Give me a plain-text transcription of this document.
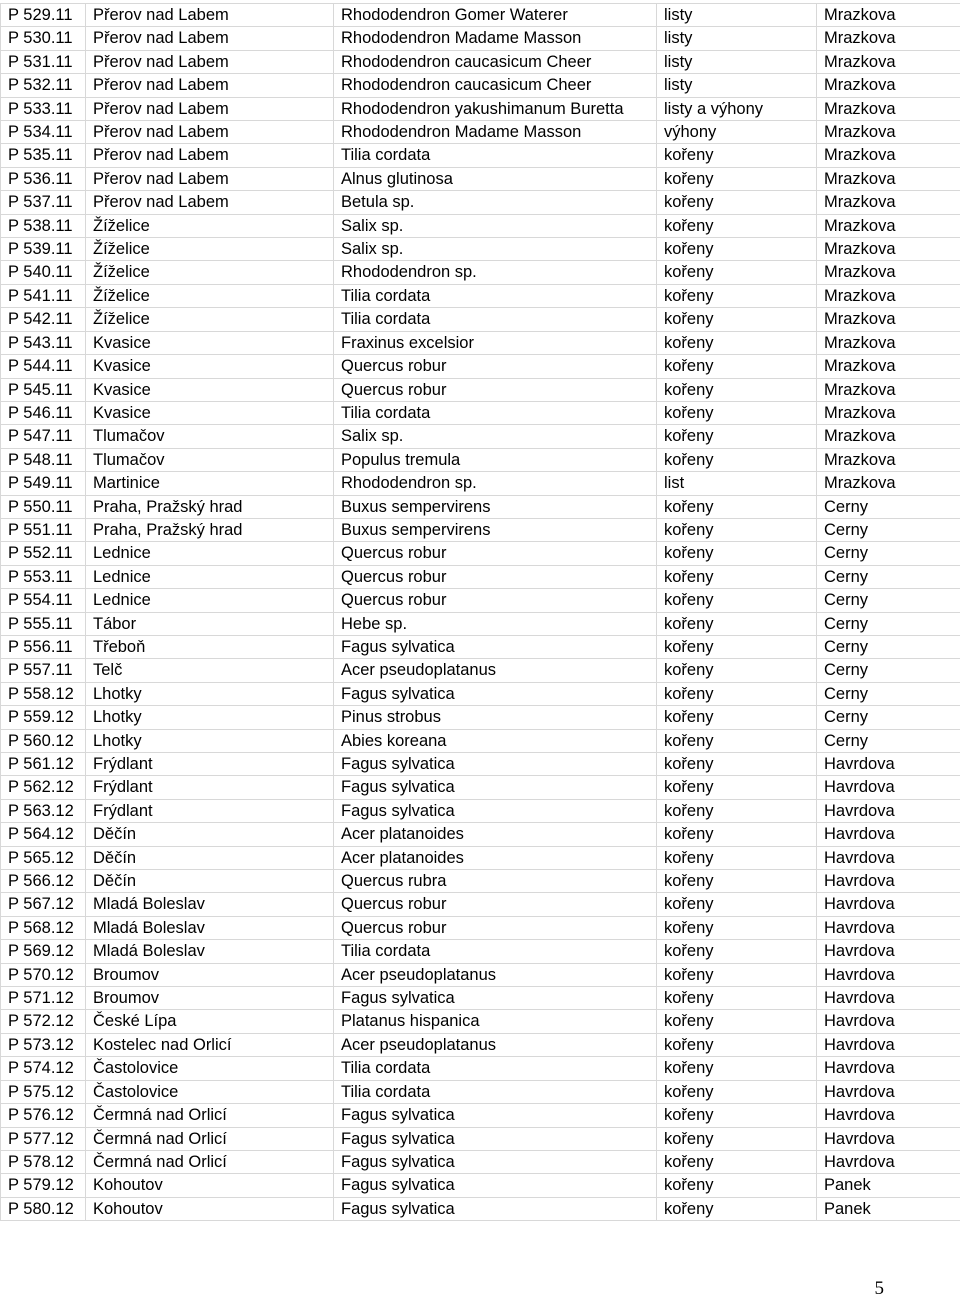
P 529.11	Přerov nad Labem	Rhododendron Gomer Waterer	listy	Mrazkova
P 530.11	Přerov nad Labem	Rhododendron Madame Masson	listy	Mrazkova
P 531.11	Přerov nad Labem	Rhododendron caucasicum Cheer	listy	Mrazkova
P 532.11	Přerov nad Labem	Rhododendron caucasicum Cheer	listy	Mrazkova
P 533.11	Přerov nad Labem	Rhododendron yakushimanum Buretta	listy a výhony	Mrazkova
P 534.11	Přerov nad Labem	Rhododendron Madame Masson	výhony	Mrazkova
P 535.11	Přerov nad Labem	Tilia cordata	kořeny	Mrazkova
P 536.11	Přerov nad Labem	Alnus glutinosa	kořeny	Mrazkova
P 537.11	Přerov nad Labem	Betula sp.	kořeny	Mrazkova
P 538.11	Žíželice	Salix sp.	kořeny	Mrazkova
P 539.11	Žíželice	Salix sp.	kořeny	Mrazkova
P 540.11	Žíželice	Rhododendron sp.	kořeny	Mrazkova
P 541.11	Žíželice	Tilia cordata	kořeny	Mrazkova
P 542.11	Žíželice	Tilia cordata	kořeny	Mrazkova
P 543.11	Kvasice	Fraxinus excelsior	kořeny	Mrazkova
P 544.11	Kvasice	Quercus robur	kořeny	Mrazkova
P 545.11	Kvasice	Quercus robur	kořeny	Mrazkova
P 546.11	Kvasice	Tilia cordata	kořeny	Mrazkova
P 547.11	Tlumačov	Salix sp.	kořeny	Mrazkova
P 548.11	Tlumačov	Populus tremula	kořeny	Mrazkova
P 549.11	Martinice	Rhododendron sp.	list	Mrazkova
P 550.11	Praha, Pražský hrad	Buxus sempervirens	kořeny	Cerny
P 551.11	Praha, Pražský hrad	Buxus sempervirens	kořeny	Cerny
P 552.11	Lednice	Quercus robur	kořeny	Cerny
P 553.11	Lednice	Quercus robur	kořeny	Cerny
P 554.11	Lednice	Quercus robur	kořeny	Cerny
P 555.11	Tábor	Hebe sp.	kořeny	Cerny
P 556.11	Třeboň	Fagus sylvatica	kořeny	Cerny
P 557.11	Telč	Acer pseudoplatanus	kořeny	Cerny
P 558.12	Lhotky	Fagus sylvatica	kořeny	Cerny
P 559.12	Lhotky	Pinus strobus	kořeny	Cerny
P 560.12	Lhotky	Abies koreana	kořeny	Cerny
P 561.12	Frýdlant	Fagus sylvatica	kořeny	Havrdova
P 562.12	Frýdlant	Fagus sylvatica	kořeny	Havrdova
P 563.12	Frýdlant	Fagus sylvatica	kořeny	Havrdova
P 564.12	Děčín	Acer platanoides	kořeny	Havrdova
P 565.12	Děčín	Acer platanoides	kořeny	Havrdova
P 566.12	Děčín	Quercus rubra	kořeny	Havrdova
P 567.12	Mladá Boleslav	Quercus robur	kořeny	Havrdova
P 568.12	Mladá Boleslav	Quercus robur	kořeny	Havrdova
P 569.12	Mladá Boleslav	Tilia cordata	kořeny	Havrdova
P 570.12	Broumov	Acer pseudoplatanus	kořeny	Havrdova
P 571.12	Broumov	Fagus sylvatica	kořeny	Havrdova
P 572.12	České Lípa	Platanus hispanica	kořeny	Havrdova
P 573.12	Kostelec nad Orlicí	Acer pseudoplatanus	kořeny	Havrdova
P 574.12	Častolovice	Tilia cordata	kořeny	Havrdova
P 575.12	Častolovice	Tilia cordata	kořeny	Havrdova
P 576.12	Čermná nad Orlicí	Fagus sylvatica	kořeny	Havrdova
P 577.12	Čermná nad Orlicí	Fagus sylvatica	kořeny	Havrdova
P 578.12	Čermná nad Orlicí	Fagus sylvatica	kořeny	Havrdova
P 579.12	Kohoutov	Fagus sylvatica	kořeny	Panek
P 580.12	Kohoutov	Fagus sylvatica	kořeny	Panek
5
